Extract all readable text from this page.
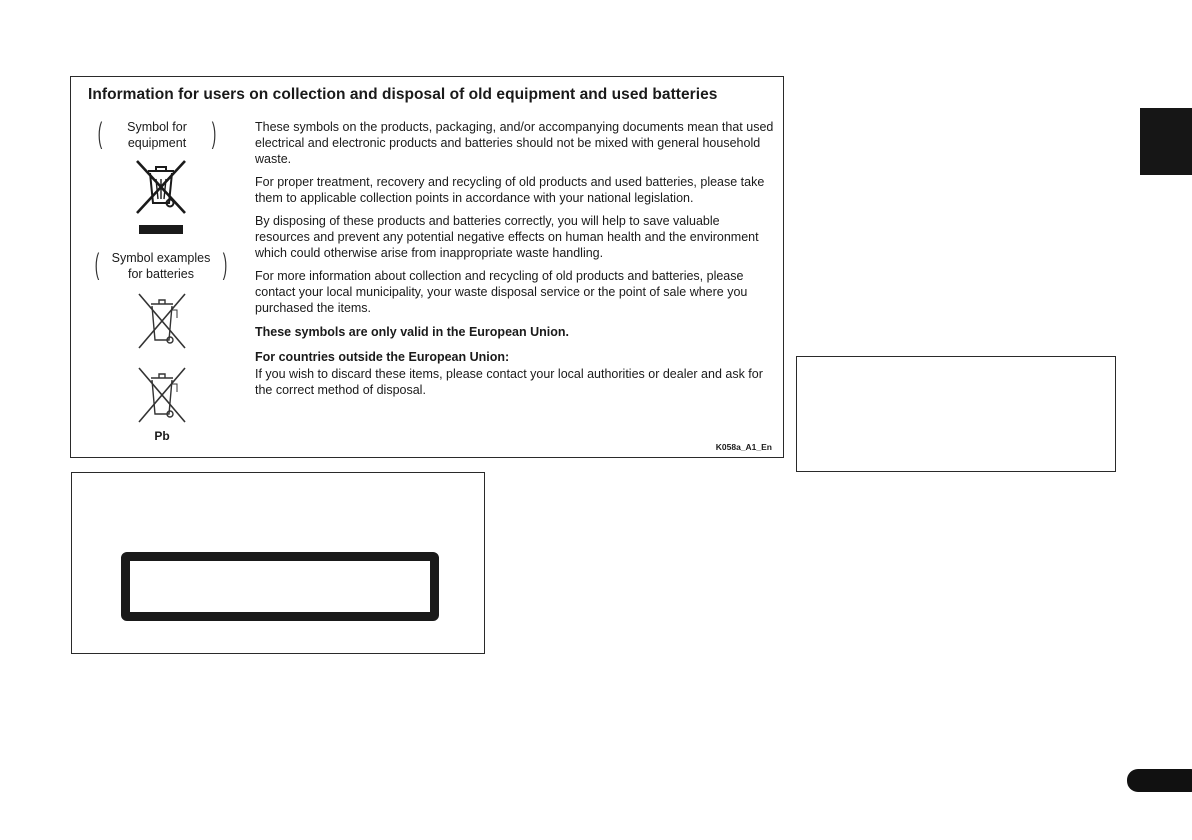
Information for users on collection and disposal of old equipment and used batteries
(	Symbol for
equipment )
( Symbol examples
for batteries )
Pb

These symbols on the products, packaging, and/or accompanying documents mean that used electrical and electronic products and batteries should not be mixed with general household waste.

For proper treatment, recovery and recycling of old products and used batteries, please take them to applicable collection points in accordance with your national legislation.

By disposing of these products and batteries correctly, you will help to save valuable resources and prevent any potential negative effects on human health and the environment which could otherwise arise from inappropriate waste handling.

For more information about collection and recycling of old products and batteries, please contact your local municipality, your waste disposal service or the point of sale where you purchased the items.

These symbols are only valid in the European Union.

For countries outside the European Union:

If you wish to discard these items, please contact your local authorities or dealer and ask for the correct method of disposal.

K058a_A1_En
